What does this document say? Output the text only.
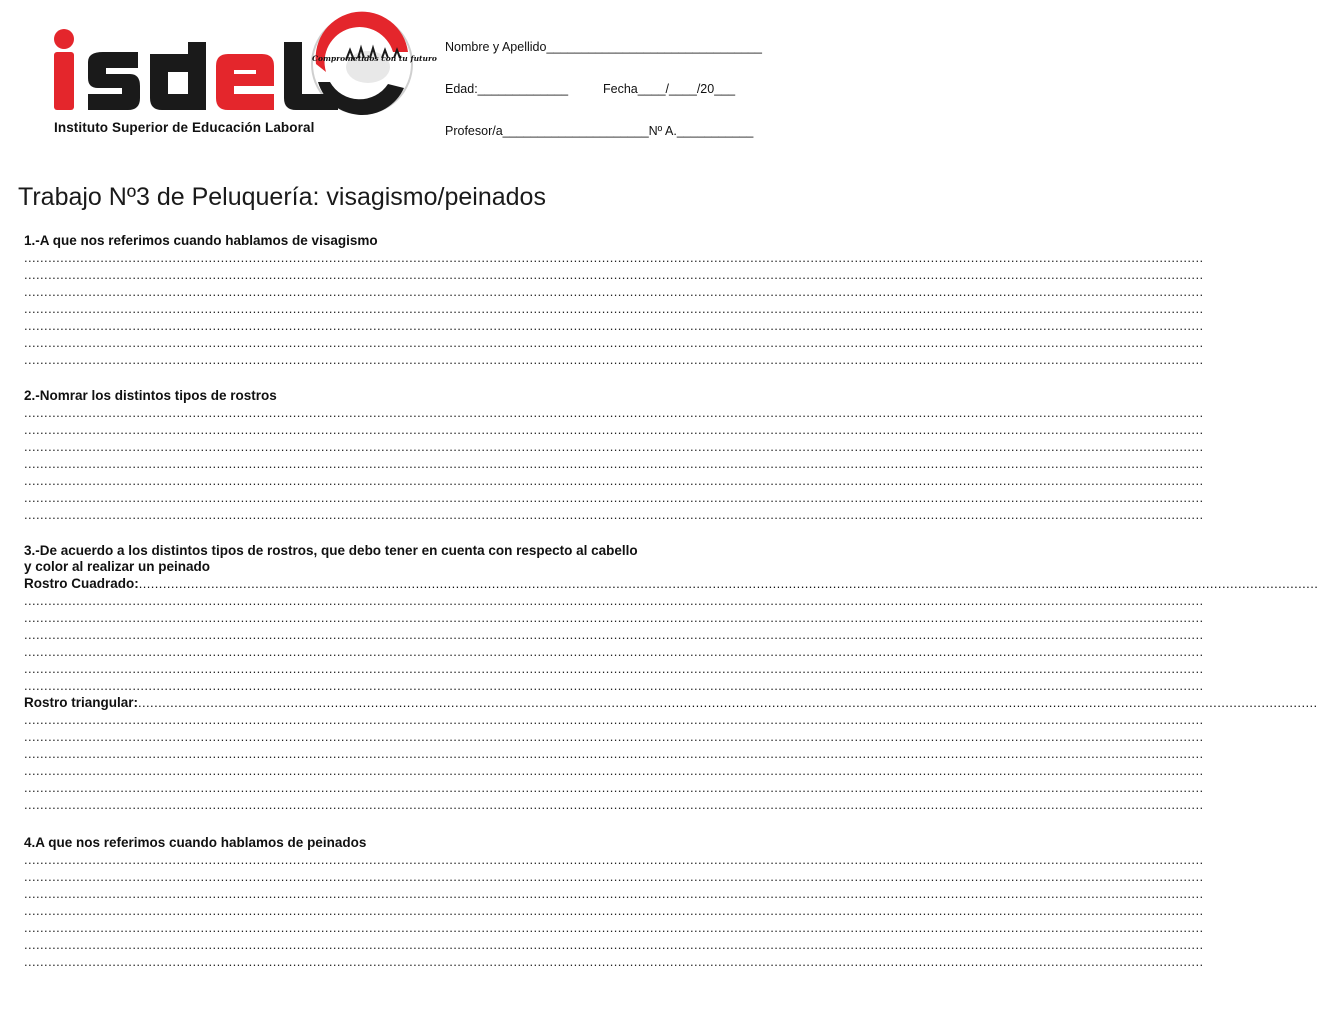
Comprometidos con tu futuro
Instituto Superior de Educación Laboral
Nombre y Apellido_______________________________
Edad:_____________	Fecha____/____/20___
Profesor/a_____________________Nº A.___________
Trabajo Nº3 de Peluquería: visagismo/peinados

1.-A que nos referimos cuando hablamos de visagismo

......................................................................................................................................................................................................................................................................................................
......................................................................................................................................................................................................................................................................................................
......................................................................................................................................................................................................................................................................................................
......................................................................................................................................................................................................................................................................................................
......................................................................................................................................................................................................................................................................................................
......................................................................................................................................................................................................................................................................................................
......................................................................................................................................................................................................................................................................................................

2.-Nomrar los distintos tipos de rostros

......................................................................................................................................................................................................................................................................................................
......................................................................................................................................................................................................................................................................................................
......................................................................................................................................................................................................................................................................................................
......................................................................................................................................................................................................................................................................................................
......................................................................................................................................................................................................................................................................................................
......................................................................................................................................................................................................................................................................................................
......................................................................................................................................................................................................................................................................................................

3.-De acuerdo a los distintos tipos de rostros, que debo tener en cuenta con respecto al cabello

y color al realizar un peinado

Rostro Cuadrado:......................................................................................................................................................................................................................................................................................................
......................................................................................................................................................................................................................................................................................................
......................................................................................................................................................................................................................................................................................................
......................................................................................................................................................................................................................................................................................................
......................................................................................................................................................................................................................................................................................................
......................................................................................................................................................................................................................................................................................................
......................................................................................................................................................................................................................................................................................................
Rostro triangular:......................................................................................................................................................................................................................................................................................................
......................................................................................................................................................................................................................................................................................................
......................................................................................................................................................................................................................................................................................................
......................................................................................................................................................................................................................................................................................................
......................................................................................................................................................................................................................................................................................................
......................................................................................................................................................................................................................................................................................................
......................................................................................................................................................................................................................................................................................................

4.A que nos referimos cuando hablamos de peinados

......................................................................................................................................................................................................................................................................................................
......................................................................................................................................................................................................................................................................................................
......................................................................................................................................................................................................................................................................................................
......................................................................................................................................................................................................................................................................................................
......................................................................................................................................................................................................................................................................................................
......................................................................................................................................................................................................................................................................................................
......................................................................................................................................................................................................................................................................................................
